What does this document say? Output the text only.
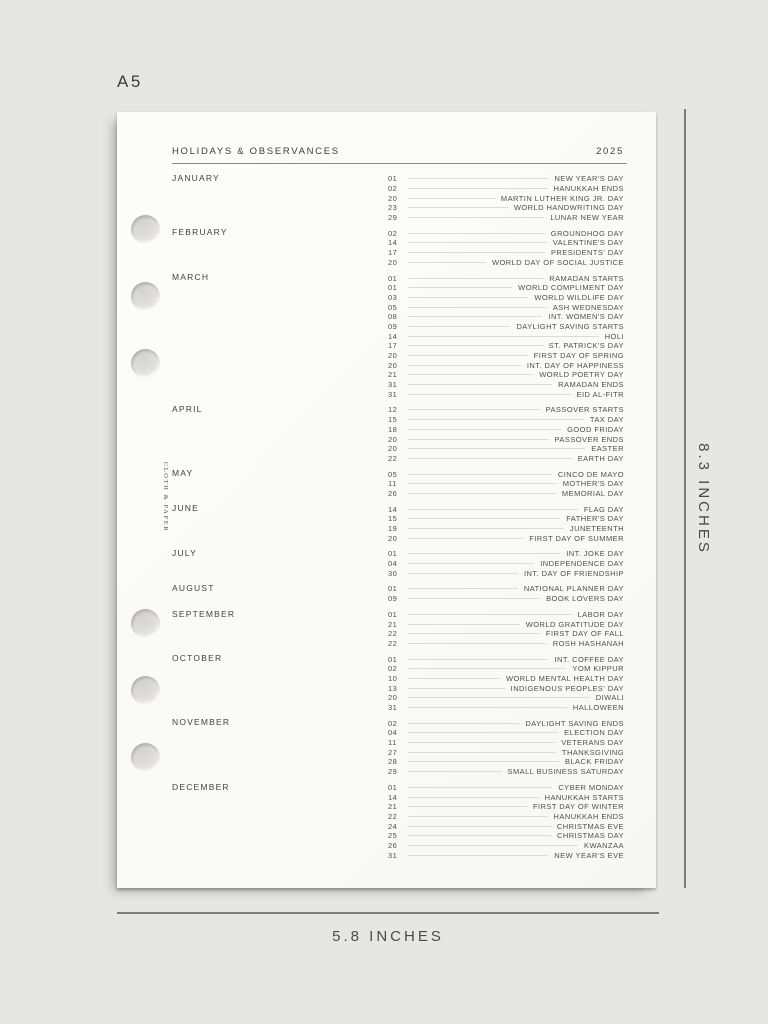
A5
CLOTH & PAPER
HOLIDAYS & OBSERVANCES	2025
JANUARY	01	NEW YEAR'S DAY
02	HANUKKAH ENDS
20	MARTIN LUTHER KING JR. DAY
23	WORLD HANDWRITING DAY
29	LUNAR NEW YEAR
FEBRUARY	02	GROUNDHOG DAY
14	VALENTINE'S DAY
17	PRESIDENTS' DAY
20	WORLD DAY OF SOCIAL JUSTICE
MARCH	01	RAMADAN STARTS
01	WORLD COMPLIMENT DAY
03	WORLD WILDLIFE DAY
05	ASH WEDNESDAY
08	INT. WOMEN'S DAY
09	DAYLIGHT SAVING STARTS
14	HOLI
17	ST. PATRICK'S DAY
20	FIRST DAY OF SPRING
20	INT. DAY OF HAPPINESS
21	WORLD POETRY DAY
31	RAMADAN ENDS
31	EID AL-FITR
APRIL	12	PASSOVER STARTS
15	TAX DAY
18	GOOD FRIDAY
20	PASSOVER ENDS
20	EASTER
22	EARTH DAY
MAY	05	CINCO DE MAYO
11	MOTHER'S DAY
26	MEMORIAL DAY
JUNE	14	FLAG DAY
15	FATHER'S DAY
19	JUNETEENTH
20	FIRST DAY OF SUMMER
JULY	01	INT. JOKE DAY
04	INDEPENDENCE DAY
30	INT. DAY OF FRIENDSHIP
AUGUST	01	NATIONAL PLANNER DAY
09	BOOK LOVERS DAY
SEPTEMBER	01	LABOR DAY
21	WORLD GRATITUDE DAY
22	FIRST DAY OF FALL
22	ROSH HASHANAH
OCTOBER	01	INT. COFFEE DAY
02	YOM KIPPUR
10	WORLD MENTAL HEALTH DAY
13	INDIGENOUS PEOPLES' DAY
20	DIWALI
31	HALLOWEEN
NOVEMBER	02	DAYLIGHT SAVING ENDS
04	ELECTION DAY
11	VETERANS DAY
27	THANKSGIVING
28	BLACK FRIDAY
29	SMALL BUSINESS SATURDAY
DECEMBER	01	CYBER MONDAY
14	HANUKKAH STARTS
21	FIRST DAY OF WINTER
22	HANUKKAH ENDS
24	CHRISTMAS EVE
25	CHRISTMAS DAY
26	KWANZAA
31	NEW YEAR'S EVE
8.3 INCHES
5.8 INCHES
